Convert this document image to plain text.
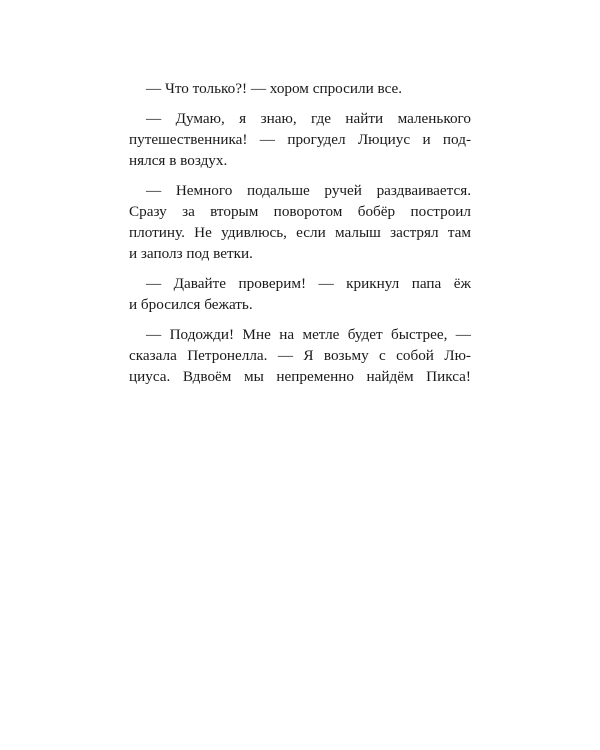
— Что только?! — хором спросили все.
— Думаю, я знаю, где найти маленького
путешественника! — прогудел Люциус и под-
нялся в воздух.
— Немного подальше ручей раздваивается.
Сразу за вторым поворотом бобёр построил
плотину. Не удивлюсь, если малыш застрял там
и заполз под ветки.
— Давайте проверим! — крикнул папа ёж
и бросился бежать.
— Подожди! Мне на метле будет быстрее, —
сказала Петронелла. — Я возьму с собой Лю-
циуса. Вдвоём мы непременно найдём Пикса!
